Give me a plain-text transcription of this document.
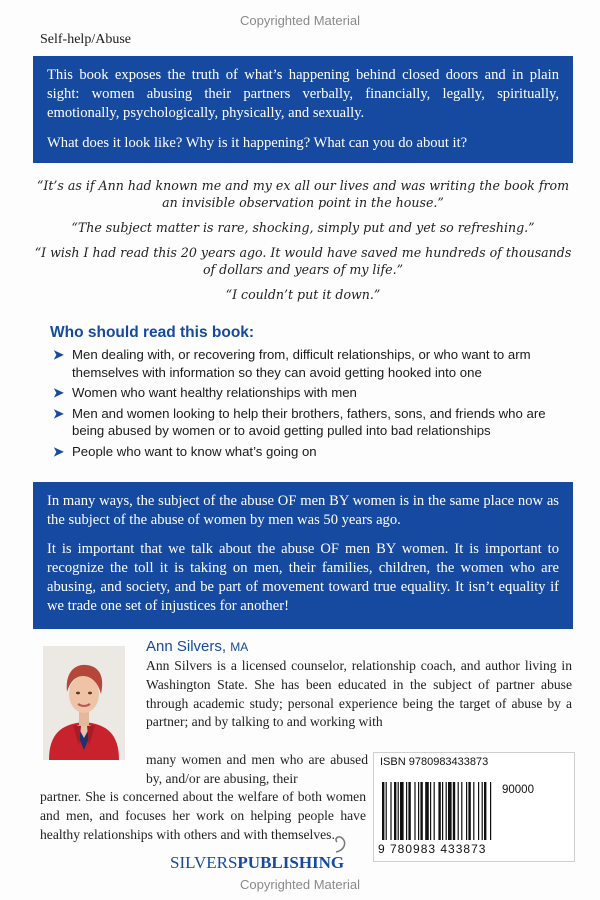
Copyrighted Material
Self-help/Abuse

This book exposes the truth of what’s happening behind closed doors and in plain sight: women abusing their partners verbally, financially, legally, spiritually, emotionally, psychologically, physically, and sexually.

What does it look like? Why is it happening? What can you do about it?

“It’s as if Ann had known me and my ex all our lives and was writing the book from an invisible observation point in the house.”

“The subject matter is rare, shocking, simply put and yet so refreshing.”

“I wish I had read this 20 years ago. It would have saved me hundreds of thousands of dollars and years of my life.”

“I couldn’t put it down.”

Who should read this book:
➤ Men dealing with, or recovering from, difficult relationships, or who want to arm themselves with information so they can avoid getting hooked into one
➤ Women who want healthy relationships with men
➤ Men and women looking to help their brothers, fathers, sons, and friends who are being abused by women or to avoid getting pulled into bad relationships
➤ People who want to know what’s going on

In many ways, the subject of the abuse OF men BY women is in the same place now as the subject of the abuse of women by men was 50 years ago.

It is important that we talk about the abuse OF men BY women. It is important to recognize the toll it is taking on men, their families, children, the women who are abusing, and society, and be part of movement toward true equality. It isn’t equality if we trade one set of injustices for another!

Ann Silvers, MA
Ann Silvers is a licensed counselor, relationship coach, and author living in Washington State. She has been educated in the subject of partner abuse through academic study; personal experience being the target of abuse by a partner; and by talking to and working with
many women and men who are abused by, and/or are abusing, their
partner. She is concerned about the welfare of both women and men, and focuses her work on helping people have healthy relationships with others and with themselves.
ISBN 9780983433873
90000
9 780983 433873
SILVERSPUBLISHING
Copyrighted Material
